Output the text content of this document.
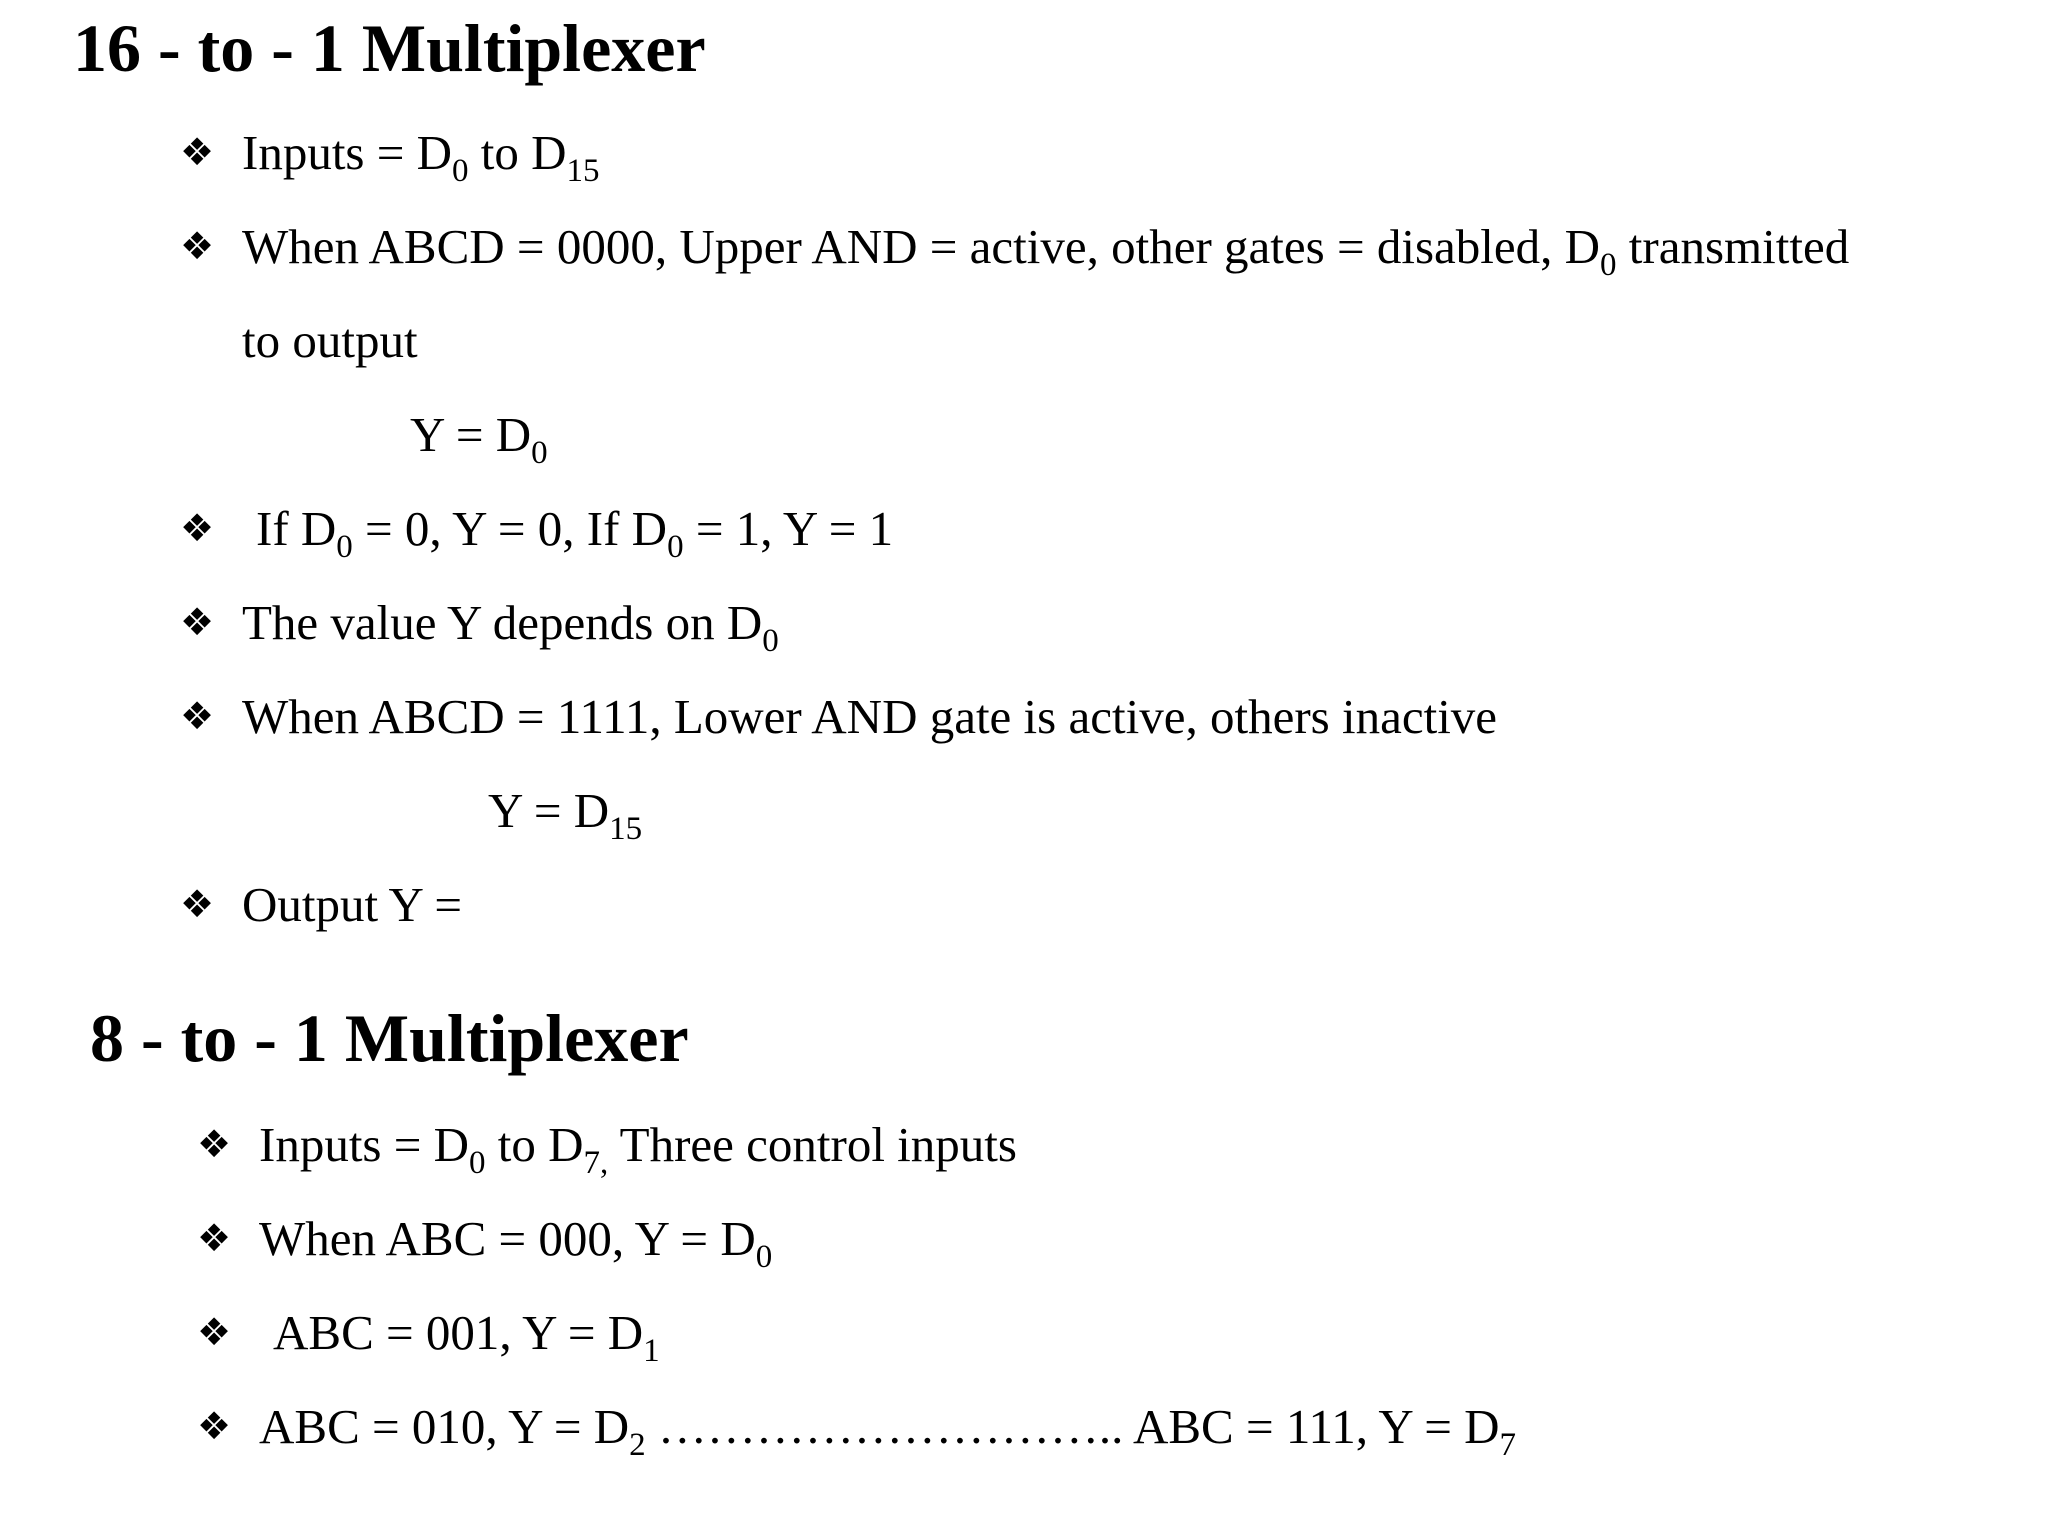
16 - to - 1 Multiplexer
❖ Inputs = $D_0$ to $D_{15}$
❖ When ABCD = 0000, Upper AND = active, other gates = disabled, $D_0$ transmitted
to output
$Y = D_0$
❖ If $D_0 = 0$, Y = 0, If $D_0 = 1$, Y = 1
❖ The value Y depends on $D_0$
❖ When ABCD = 1111, Lower AND gate is active, others inactive
$Y = D_{15}$
❖ Output Y =
8 - to - 1 Multiplexer
❖ Inputs = $D_0$ to $D_{7,}$ Three control inputs
❖ When ABC = 000, $Y = D_0$
❖ ABC = 001, $Y = D_1$
❖ ABC = 010, $Y = D_2$ ……………………….. ABC = 111, $Y = D_7$
